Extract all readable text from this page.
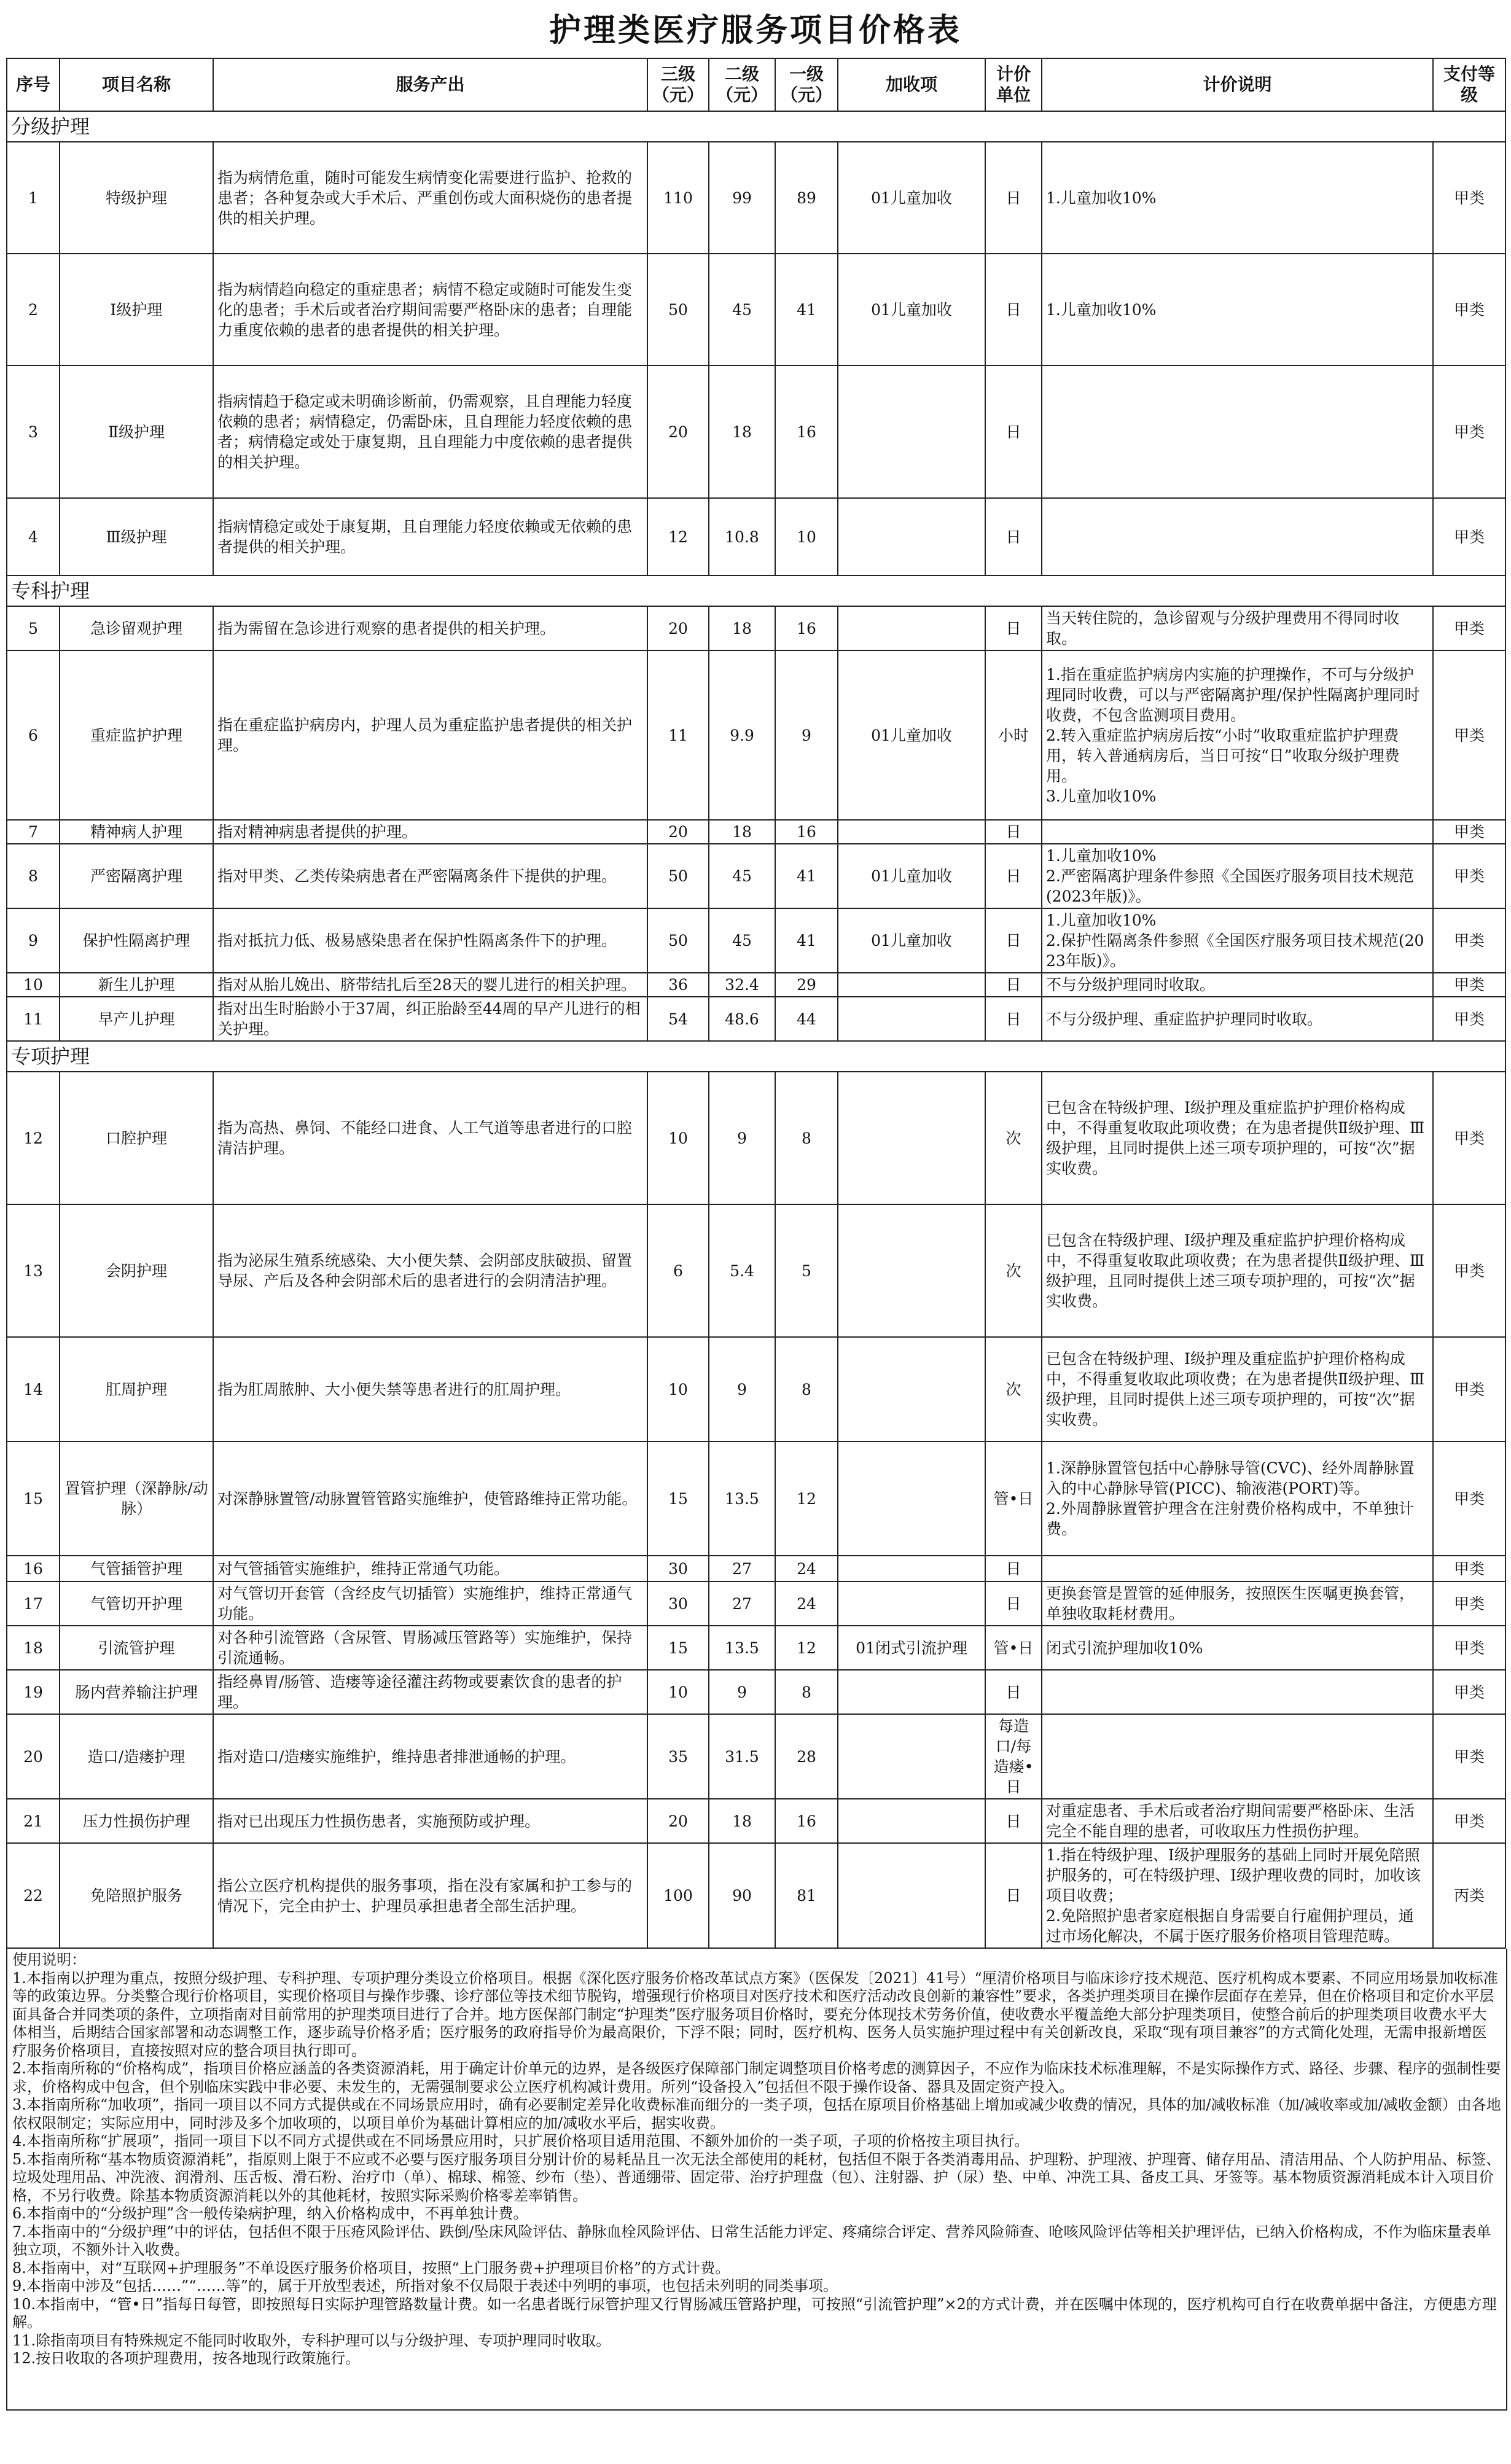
护理类医疗服务项目价格表
序号	项目名称	服务产出	三级（元）	二级（元）	一级（元）	加收项	计价单位	计价说明	支付等级
分级护理									
1	特级护理	指为病情危重，随时可能发生病情变化需要进行监护、抢救的患者；各种复杂或大手术后、严重创伤或大面积烧伤的患者提供的相关护理。	110	99	89	01儿童加收	日	1.儿童加收10%	甲类
2	Ⅰ级护理	指为病情趋向稳定的重症患者；病情不稳定或随时可能发生变化的患者；手术后或者治疗期间需要严格卧床的患者；自理能力重度依赖的患者的患者提供的相关护理。	50	45	41	01儿童加收	日	1.儿童加收10%	甲类
3	Ⅱ级护理	指病情趋于稳定或未明确诊断前，仍需观察，且自理能力轻度依赖的患者；病情稳定，仍需卧床，且自理能力轻度依赖的患者；病情稳定或处于康复期，且自理能力中度依赖的患者提供的相关护理。	20	18	16		日		甲类
4	Ⅲ级护理	指病情稳定或处于康复期，且自理能力轻度依赖或无依赖的患者提供的相关护理。	12	10.8	10		日		甲类
专科护理									
5	急诊留观护理	指为需留在急诊进行观察的患者提供的相关护理。	20	18	16		日	当天转住院的，急诊留观与分级护理费用不得同时收取。	甲类
6	重症监护护理	指在重症监护病房内，护理人员为重症监护患者提供的相关护理。	11	9.9	9	01儿童加收	小时	1.指在重症监护病房内实施的护理操作，不可与分级护理同时收费，可以与严密隔离护理/保护性隔离护理同时收费，不包含监测项目费用。
2.转入重症监护病房后按“小时”收取重症监护护理费用，转入普通病房后，当日可按“日”收取分级护理费用。
3.儿童加收10%	甲类
7	精神病人护理	指对精神病患者提供的护理。	20	18	16		日		甲类
8	严密隔离护理	指对甲类、乙类传染病患者在严密隔离条件下提供的护理。	50	45	41	01儿童加收	日	1.儿童加收10%
2.严密隔离护理条件参照《全国医疗服务项目技术规范(2023年版)》。	甲类
9	保护性隔离护理	指对抵抗力低、极易感染患者在保护性隔离条件下的护理。	50	45	41	01儿童加收	日	1.儿童加收10%
2.保护性隔离条件参照《全国医疗服务项目技术规范(2023年版)》。	甲类
10	新生儿护理	指对从胎儿娩出、脐带结扎后至28天的婴儿进行的相关护理。	36	32.4	29		日	不与分级护理同时收取。	甲类
11	早产儿护理	指对出生时胎龄小于37周，纠正胎龄至44周的早产儿进行的相关护理。	54	48.6	44		日	不与分级护理、重症监护护理同时收取。	甲类
专项护理									
12	口腔护理	指为高热、鼻饲、不能经口进食、人工气道等患者进行的口腔清洁护理。	10	9	8		次	已包含在特级护理、Ⅰ级护理及重症监护护理价格构成中，不得重复收取此项收费；在为患者提供Ⅱ级护理、Ⅲ级护理，且同时提供上述三项专项护理的，可按“次”据实收费。	甲类
13	会阴护理	指为泌尿生殖系统感染、大小便失禁、会阴部皮肤破损、留置导尿、产后及各种会阴部术后的患者进行的会阴清洁护理。	6	5.4	5		次	已包含在特级护理、Ⅰ级护理及重症监护护理价格构成中，不得重复收取此项收费；在为患者提供Ⅱ级护理、Ⅲ级护理，且同时提供上述三项专项护理的，可按“次”据实收费。	甲类
14	肛周护理	指为肛周脓肿、大小便失禁等患者进行的肛周护理。	10	9	8		次	已包含在特级护理、Ⅰ级护理及重症监护护理价格构成中，不得重复收取此项收费；在为患者提供Ⅱ级护理、Ⅲ级护理，且同时提供上述三项专项护理的，可按“次”据实收费。	甲类
15	置管护理（深静脉/动脉）	对深静脉置管/动脉置管管路实施维护，使管路维持正常功能。	15	13.5	12		管•日	1.深静脉置管包括中心静脉导管(CVC)、经外周静脉置入的中心静脉导管(PICC)、输液港(PORT)等。
2.外周静脉置管护理含在注射费价格构成中，不单独计费。	甲类
16	气管插管护理	对气管插管实施维护，维持正常通气功能。	30	27	24		日		甲类
17	气管切开护理	对气管切开套管（含经皮气切插管）实施维护，维持正常通气功能。	30	27	24		日	更换套管是置管的延伸服务，按照医生医嘱更换套管，单独收取耗材费用。	甲类
18	引流管护理	对各种引流管路（含尿管、胃肠减压管路等）实施维护，保持引流通畅。	15	13.5	12	01闭式引流护理	管•日	闭式引流护理加收10%	甲类
19	肠内营养输注护理	指经鼻胃/肠管、造瘘等途径灌注药物或要素饮食的患者的护理。	10	9	8		日		甲类
20	造口/造瘘护理	指对造口/造瘘实施维护，维持患者排泄通畅的护理。	35	31.5	28		每造口/每造瘘•日		甲类
21	压力性损伤护理	指对已出现压力性损伤患者，实施预防或护理。	20	18	16		日	对重症患者、手术后或者治疗期间需要严格卧床、生活完全不能自理的患者，可收取压力性损伤护理。	甲类
22	免陪照护服务	指公立医疗机构提供的服务事项，指在没有家属和护工参与的情况下，完全由护士、护理员承担患者全部生活护理。	100	90	81		日	1.指在特级护理、Ⅰ级护理服务的基础上同时开展免陪照护服务的，可在特级护理、Ⅰ级护理收费的同时，加收该项目收费；
2.免陪照护患者家庭根据自身需要自行雇佣护理员，通过市场化解决，不属于医疗服务价格项目管理范畴。	丙类
使用说明：
1.本指南以护理为重点，按照分级护理、专科护理、专项护理分类设立价格项目。根据《深化医疗服务价格改革试点方案》（医保发〔2021〕41号）“厘清价格项目与临床诊疗技术规范、医疗机构成本要素、不同应用场景加收标准等的政策边界。分类整合现行价格项目，实现价格项目与操作步骤、诊疗部位等技术细节脱钩，增强现行价格项目对医疗技术和医疗活动改良创新的兼容性”要求，各类护理类项目在操作层面存在差异，但在价格项目和定价水平层面具备合并同类项的条件，立项指南对目前常用的护理类项目进行了合并。地方医保部门制定“护理类”医疗服务项目价格时，要充分体现技术劳务价值，使收费水平覆盖绝大部分护理类项目，使整合前后的护理类项目收费水平大体相当，后期结合国家部署和动态调整工作，逐步疏导价格矛盾；医疗服务的政府指导价为最高限价，下浮不限；同时，医疗机构、医务人员实施护理过程中有关创新改良，采取“现有项目兼容”的方式简化处理，无需申报新增医疗服务价格项目，直接按照对应的整合项目执行即可。
2.本指南所称的“价格构成”，指项目价格应涵盖的各类资源消耗，用于确定计价单元的边界，是各级医疗保障部门制定调整项目价格考虑的测算因子，不应作为临床技术标准理解，不是实际操作方式、路径、步骤、程序的强制性要求，价格构成中包含，但个别临床实践中非必要、未发生的，无需强制要求公立医疗机构减计费用。所列“设备投入”包括但不限于操作设备、器具及固定资产投入。
3.本指南所称“加收项”，指同一项目以不同方式提供或在不同场景应用时，确有必要制定差异化收费标准而细分的一类子项，包括在原项目价格基础上增加或减少收费的情况，具体的加/减收标准（加/减收率或加/减收金额）由各地依权限制定；实际应用中，同时涉及多个加收项的，以项目单价为基础计算相应的加/减收水平后，据实收费。
4.本指南所称“扩展项”，指同一项目下以不同方式提供或在不同场景应用时，只扩展价格项目适用范围、不额外加价的一类子项，子项的价格按主项目执行。
5.本指南所称“基本物质资源消耗”，指原则上限于不应或不必要与医疗服务项目分别计价的易耗品且一次无法全部使用的耗材，包括但不限于各类消毒用品、护理粉、护理液、护理膏、储存用品、清洁用品、个人防护用品、标签、垃圾处理用品、冲洗液、润滑剂、压舌板、滑石粉、治疗巾（单）、棉球、棉签、纱布（垫）、普通绷带、固定带、治疗护理盘（包）、注射器、护（尿）垫、中单、冲洗工具、备皮工具、牙签等。基本物质资源消耗成本计入项目价格，不另行收费。除基本物质资源消耗以外的其他耗材，按照实际采购价格零差率销售。
6.本指南中的“分级护理”含一般传染病护理，纳入价格构成中，不再单独计费。
7.本指南中的“分级护理”中的评估，包括但不限于压疮风险评估、跌倒/坠床风险评估、静脉血栓风险评估、日常生活能力评定、疼痛综合评定、营养风险筛查、呛咳风险评估等相关护理评估，已纳入价格构成，不作为临床量表单独立项，不额外计入收费。
8.本指南中，对“互联网+护理服务”不单设医疗服务价格项目，按照“上门服务费+护理项目价格”的方式计费。
9.本指南中涉及“包括……”“……等”的，属于开放型表述，所指对象不仅局限于表述中列明的事项，也包括未列明的同类事项。
10.本指南中，“管•日”指每日每管，即按照每日实际护理管路数量计费。如一名患者既行尿管护理又行胃肠减压管路护理，可按照“引流管护理”×2的方式计费，并在医嘱中体现的，医疗机构可自行在收费单据中备注，方便患方理解。
11.除指南项目有特殊规定不能同时收取外，专科护理可以与分级护理、专项护理同时收取。
12.按日收取的各项护理费用，按各地现行政策施行。
